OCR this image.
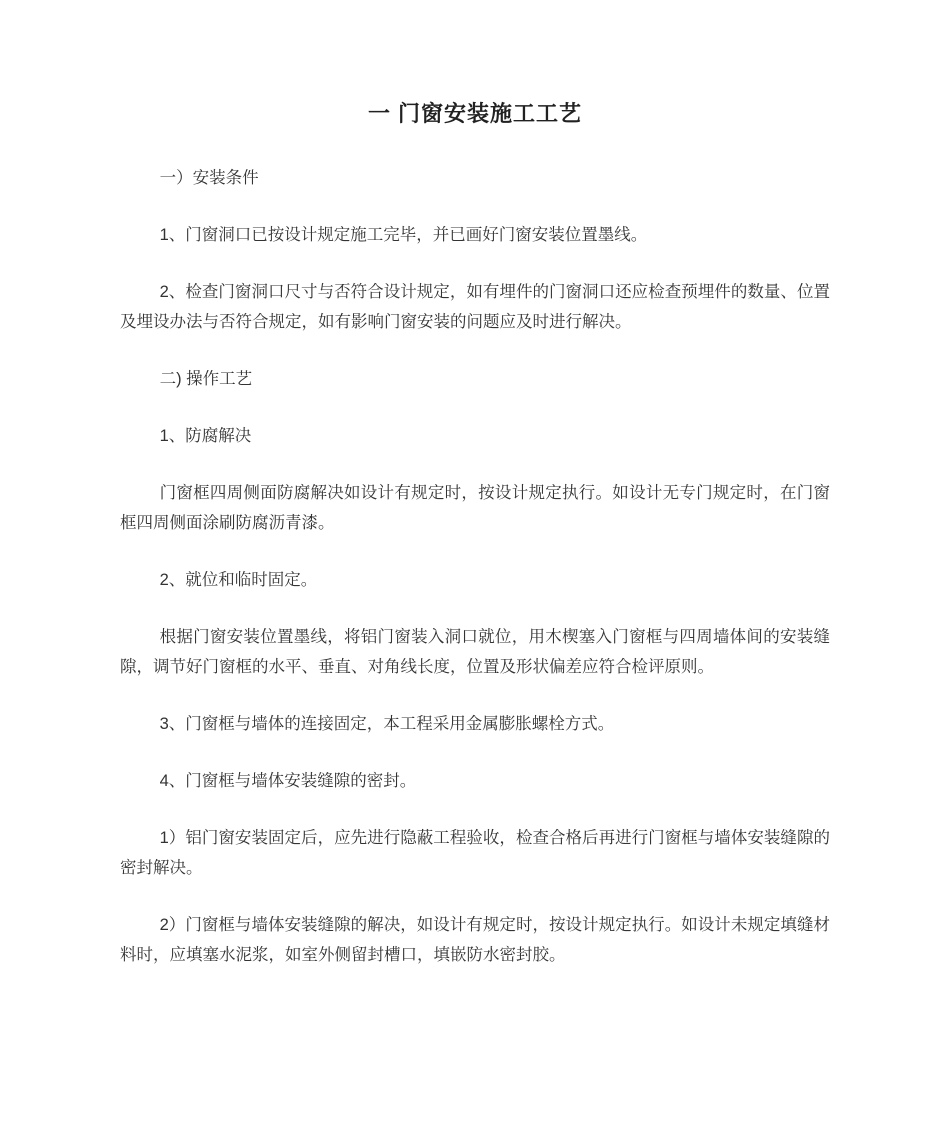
一 门窗安装施工工艺

一）安装条件

1、门窗洞口已按设计规定施工完毕，并已画好门窗安装位置墨线。

2、检查门窗洞口尺寸与否符合设计规定，如有埋件的门窗洞口还应检查预埋件的数量、位置及埋设办法与否符合规定，如有影响门窗安装的问题应及时进行解决。

二) 操作工艺

1、防腐解决

门窗框四周侧面防腐解决如设计有规定时，按设计规定执行。如设计无专门规定时，在门窗框四周侧面涂刷防腐沥青漆。

2、就位和临时固定。

根据门窗安装位置墨线，将铝门窗装入洞口就位，用木楔塞入门窗框与四周墙体间的安装缝隙，调节好门窗框的水平、垂直、对角线长度，位置及形状偏差应符合检评原则。

3、门窗框与墙体的连接固定，本工程采用金属膨胀螺栓方式。

4、门窗框与墙体安装缝隙的密封。

1）铝门窗安装固定后，应先进行隐蔽工程验收，检查合格后再进行门窗框与墙体安装缝隙的密封解决。

2）门窗框与墙体安装缝隙的解决，如设计有规定时，按设计规定执行。如设计未规定填缝材料时，应填塞水泥浆，如室外侧留封槽口，填嵌防水密封胶。
